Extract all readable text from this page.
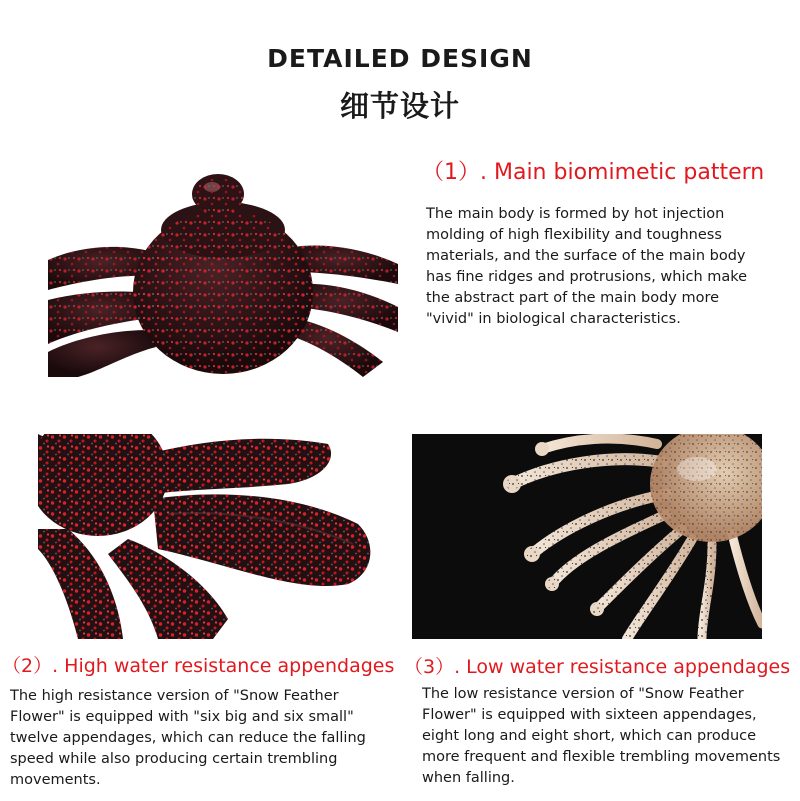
DETAILED DESIGN
细节设计
（1）. Main biomimetic pattern
The main body is formed by hot injection molding of high flexibility and toughness materials, and the surface of the main body has fine ridges and protrusions, which make the abstract part of the main body more "vivid" in biological characteristics.
（2）. High water resistance appendages
The high resistance version of "Snow Feather Flower" is equipped with "six big and six small" twelve appendages, which can reduce the falling speed while also producing certain trembling movements.
（3）. Low water resistance appendages
The low resistance version of "Snow Feather Flower" is equipped with sixteen appendages, eight long and eight short, which can produce more frequent and flexible trembling movements when falling.
